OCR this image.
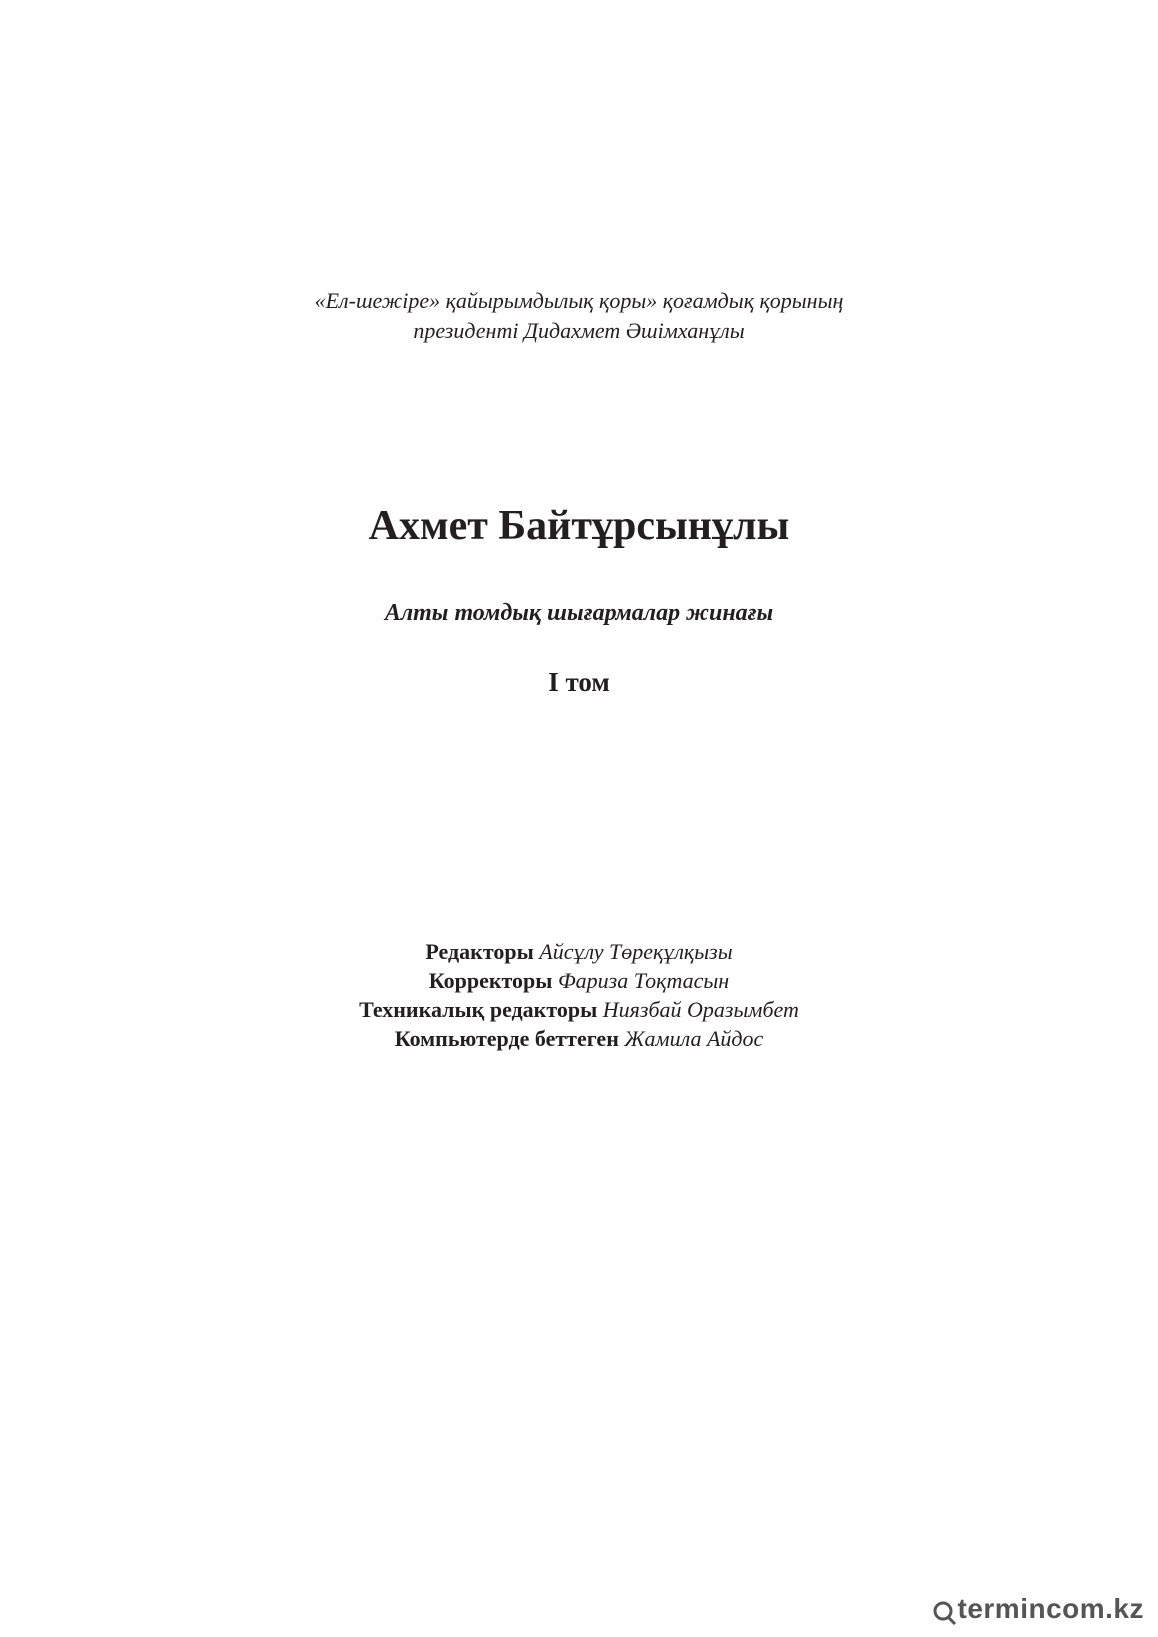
«Ел-шежіре» қайырымдылық қоры» қоғамдық қорының
президенті Дидахмет Әшімханұлы
Ахмет Байтұрсынұлы
Алты томдық шығармалар жинағы
I том
Редакторы Айсұлу Төреқұлқызы
Корректоры Фариза Тоқтасын
Техникалық редакторы Ниязбай Оразымбет
Компьютерде беттеген Жамила Айдос
termincom.kz
